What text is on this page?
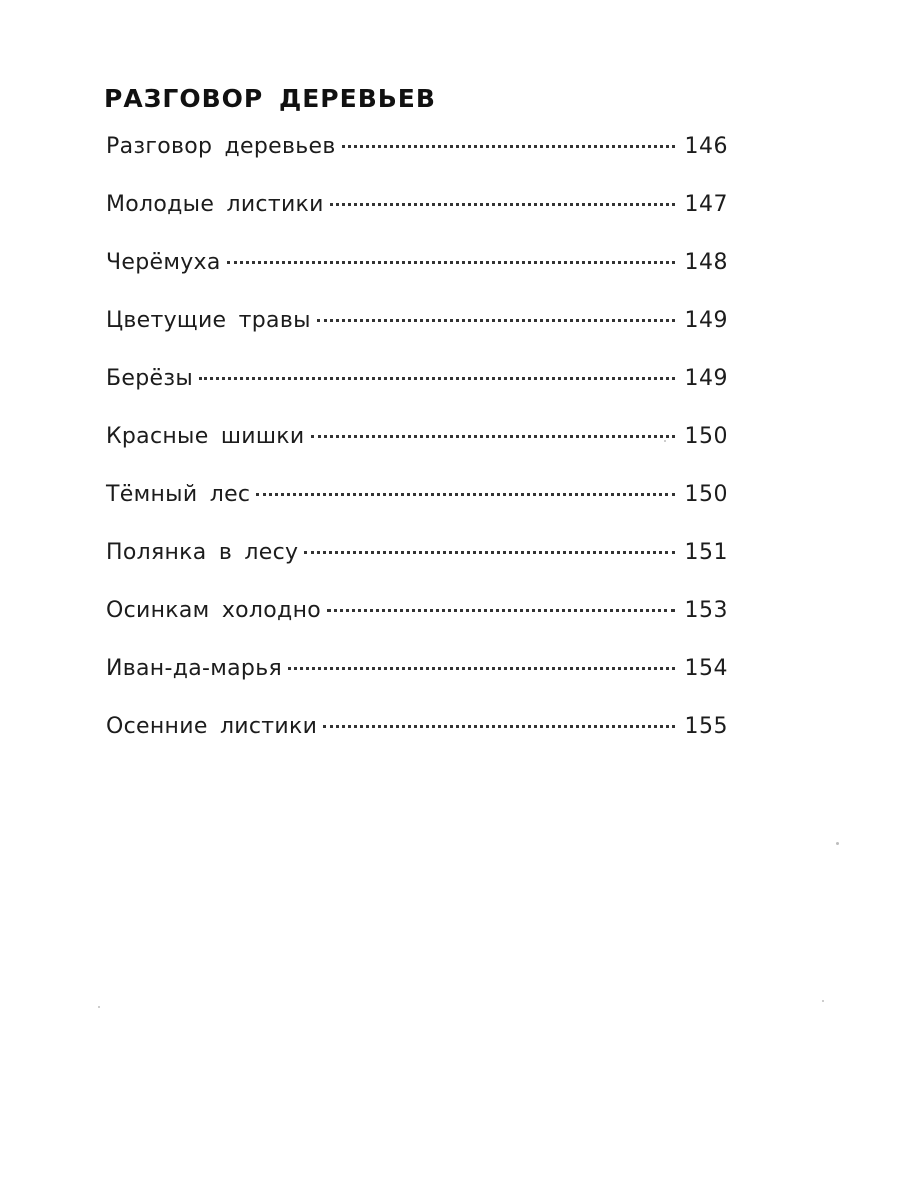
РАЗГОВОР ДЕРЕВЬЕВ
Разговор деревьев	146
Молодые листики	147
Черёмуха	148
Цветущие травы	149
Берёзы	149
Красные шишки	150
Тёмный лес	150
Полянка в лесу	151
Осинкам холодно	153
Иван-да-марья	154
Осенние листики	155
